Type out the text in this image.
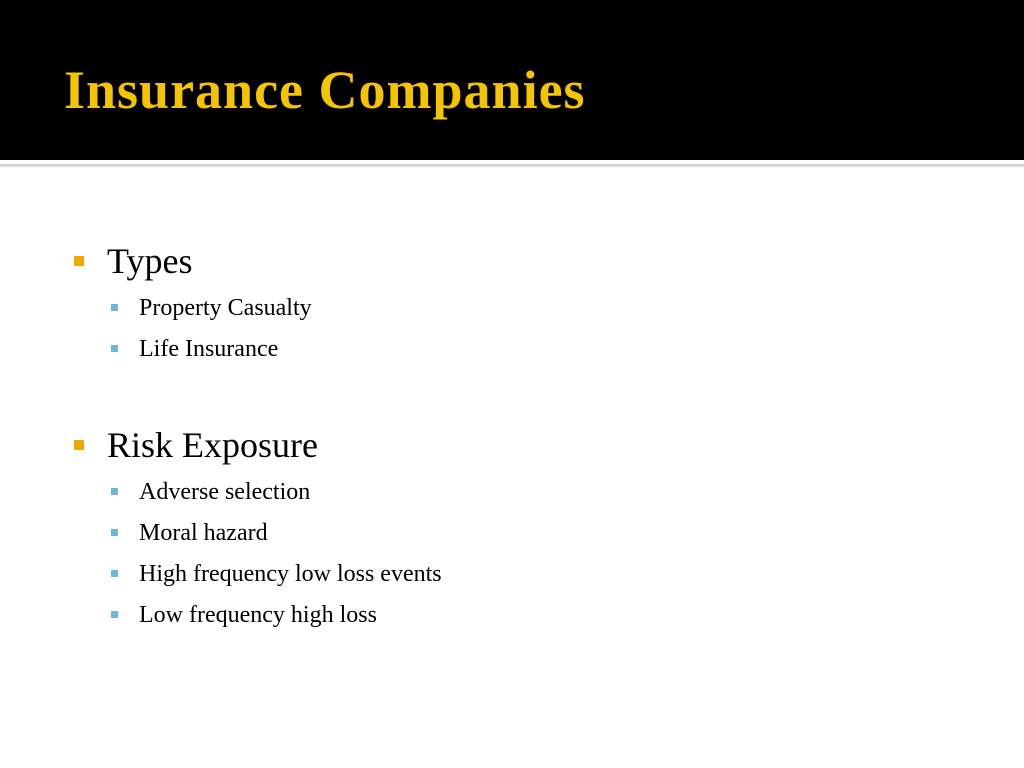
Insurance Companies
Types
Property Casualty
Life Insurance
Risk Exposure
Adverse selection
Moral hazard
High frequency low loss events
Low frequency high loss
